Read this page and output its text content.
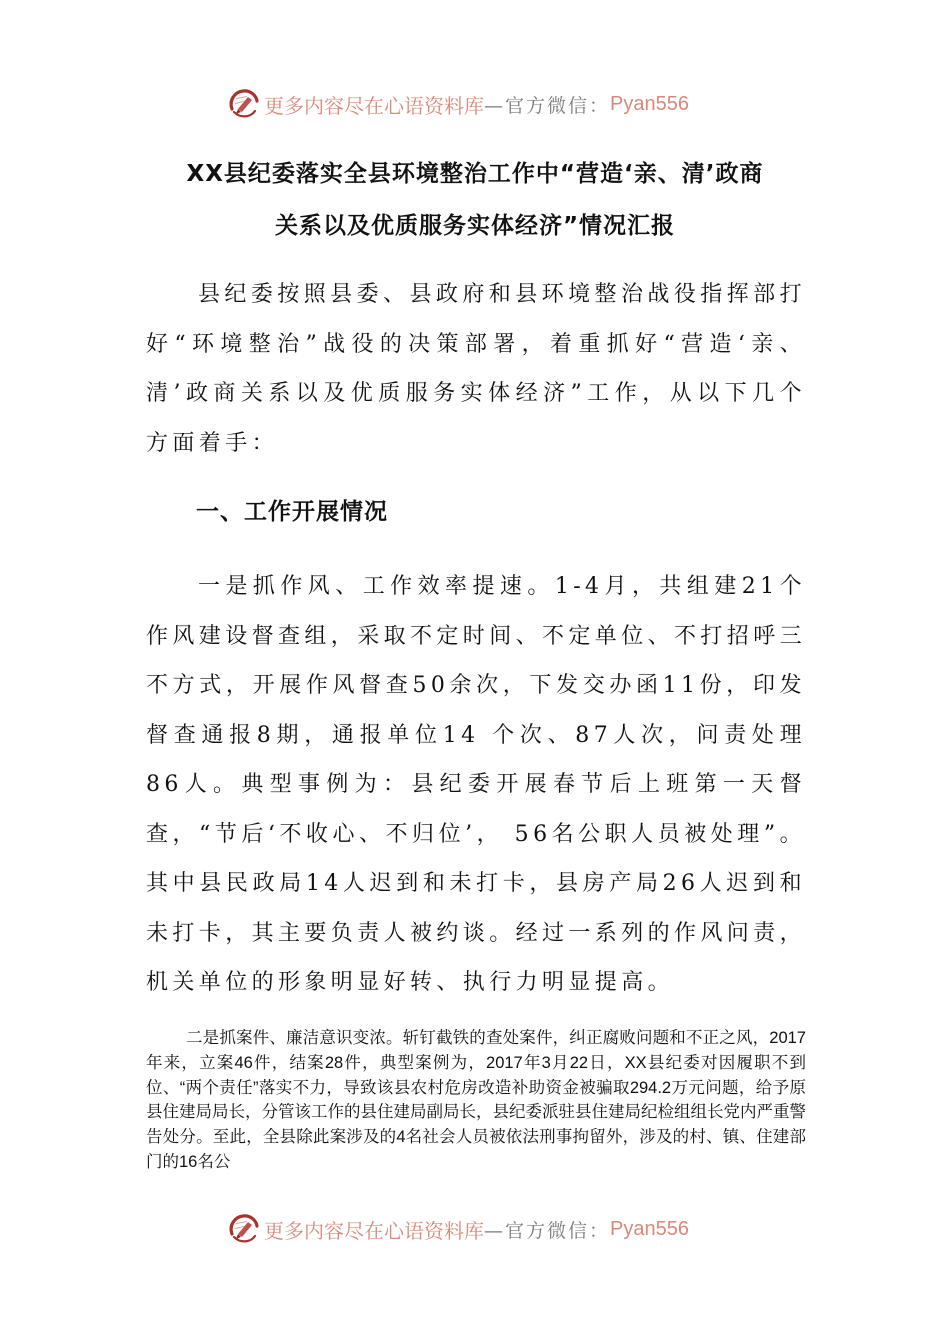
更多内容尽在心语资料库 —官方微信： Pyan556
XX县纪委落实全县环境整治工作中“营造‘亲、清’政商
关系以及优质服务实体经济”情况汇报

县纪委按照县委、县政府和县环境整治战役指挥部打好“环境整治”战役的决策部署，着重抓好“营造‘亲、清’政商关系以及优质服务实体经济”工作，从以下几个方面着手：

一、工作开展情况

一是抓作风、工作效率提速。1-4月，共组建21个作风建设督查组，采取不定时间、不定单位、不打招呼三不方式，开展作风督查50余次，下发交办函11份，印发督查通报8期，通报单位14 个次、87人次，问责处理86人。典型事例为：县纪委开展春节后上班第一天督查，“节后‘不收心、不归位’， 56名公职人员被处理”。其中县民政局14人迟到和未打卡，县房产局26人迟到和未打卡，其主要负责人被约谈。经过一系列的作风问责，机关单位的形象明显好转、执行力明显提高。

二是抓案件、廉洁意识变浓。斩钉截铁的查处案件，纠正腐败问题和不正之风，2017年来，立案46件，结案28件，典型案例为，2017年3月22日，XX县纪委对因履职不到位、“两个责任”落实不力，导致该县农村危房改造补助资金被骗取294.2万元问题，给予原县住建局局长，分管该工作的县住建局副局长，县纪委派驻县住建局纪检组组长党内严重警告处分。至此，全县除此案涉及的4名社会人员被依法刑事拘留外，涉及的村、镇、住建部门的16名公

更多内容尽在心语资料库 —官方微信： Pyan556
